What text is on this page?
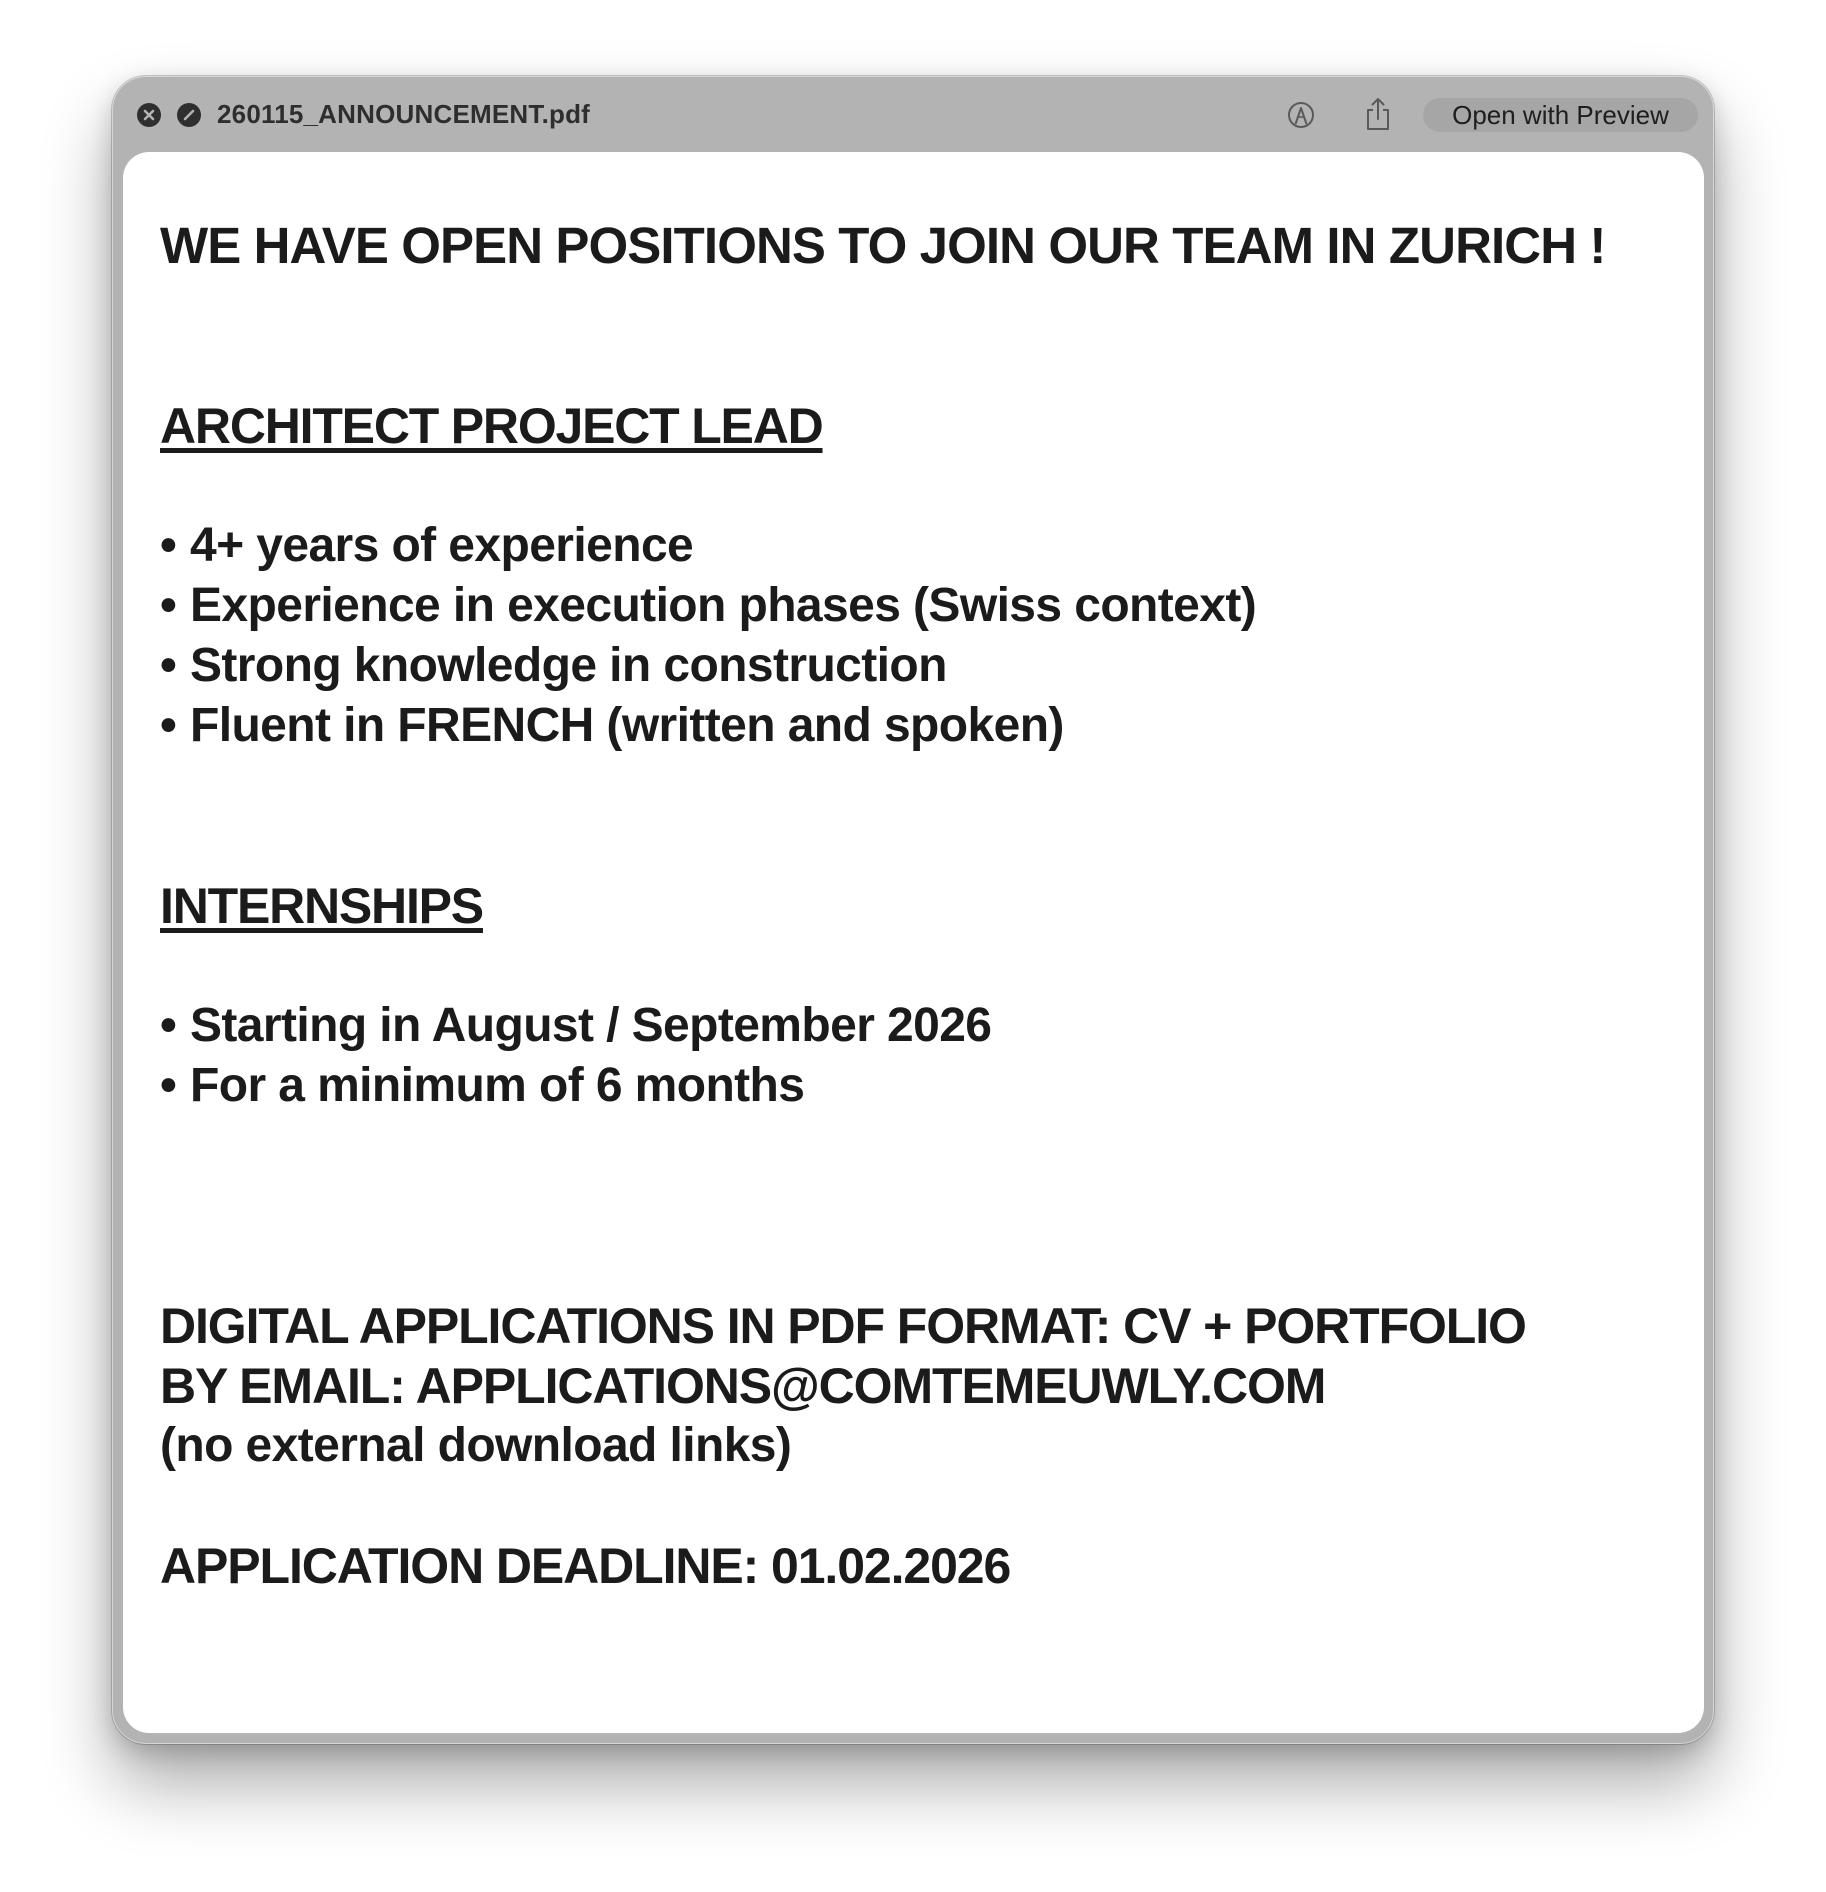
260115_ANNOUNCEMENT.pdf	Open with Preview
WE HAVE OPEN POSITIONS TO JOIN OUR TEAM IN ZURICH !
ARCHITECT PROJECT LEAD
• 4+ years of experience
• Experience in execution phases (Swiss context)
• Strong knowledge in construction
• Fluent in FRENCH (written and spoken)
INTERNSHIPS
• Starting in August / September 2026
• For a minimum of 6 months
DIGITAL APPLICATIONS IN PDF FORMAT: CV + PORTFOLIO
BY EMAIL: APPLICATIONS@COMTEMEUWLY.COM
(no external download links)
APPLICATION DEADLINE: 01.02.2026
